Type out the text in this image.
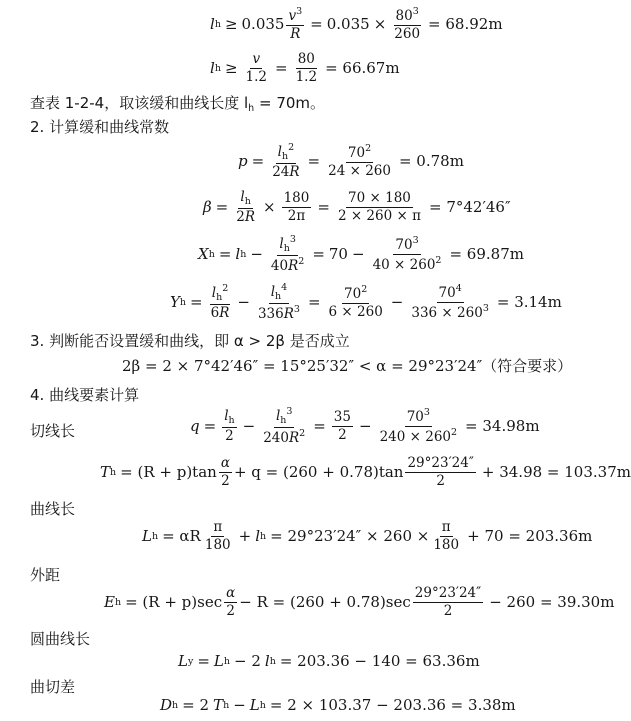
l $h \ge 0.035 \frac{v^3}{R} = 0.035 \times \frac{80^3}{260} = 68.92m$
l $h \ge \frac{v}{1.2} = \frac{80}{1.2} = 66.67m$
查表 1-2-4，取该缓和曲线长度 $l_h = 70m$。
2. 计算缓和曲线常数
$p = \frac{l_h^2}{24R} = \frac{70^2}{24 \times 260} = 0.78m$
$\beta = \frac{l_h}{2R} \times \frac{180}{2\pi} = \frac{70 \times 180}{2 \times 260 \times \pi} = 7^\circ 42'46''$
X h = l $h - \frac{l_h^3}{40R^2} = 70 - \frac{70^3}{40 \times 260^2} = 69.87m$
Y $h = \frac{l_h^2}{6R} - \frac{l_h^4}{336R^3} = \frac{70^2}{6 \times 260} - \frac{70^4}{336 \times 260^3} = 3.14m$
3. 判断能否设置缓和曲线，即 α > 2β 是否成立
2β = 2 × 7°42′46″ = 15°25′32″ < α = 29°23′24″（符合要求）
4. 曲线要素计算
切线长	$q = \frac{l_h}{2} - \frac{l_h^3}{240R^2} = \frac{35}{2} - \frac{70^3}{240 \times 260^2} = 34.98m$
T $h = (R + p)\tan \frac{\alpha}{2} + q = (260 + 0.78)\tan \frac{29^\circ 23'24''}{2} + 34.98 = 103.37m$
曲线长
L h = αR $\frac{\pi}{180} + l$ $h = 29^\circ 23'24'' \times 260 \times \frac{\pi}{180} + 70 = 203.36m$
外距
E $h = (R + p)\sec \frac{\alpha}{2} - R = (260 + 0.78)\sec \frac{29^\circ 23'24''}{2} - 260 = 39.30m$
圆曲线长
L y = L h − 2 l h = 203.36 − 140 = 63.36m
曲切差
D h = 2 T h − L h = 2 × 103.37 − 203.36 = 3.38m
